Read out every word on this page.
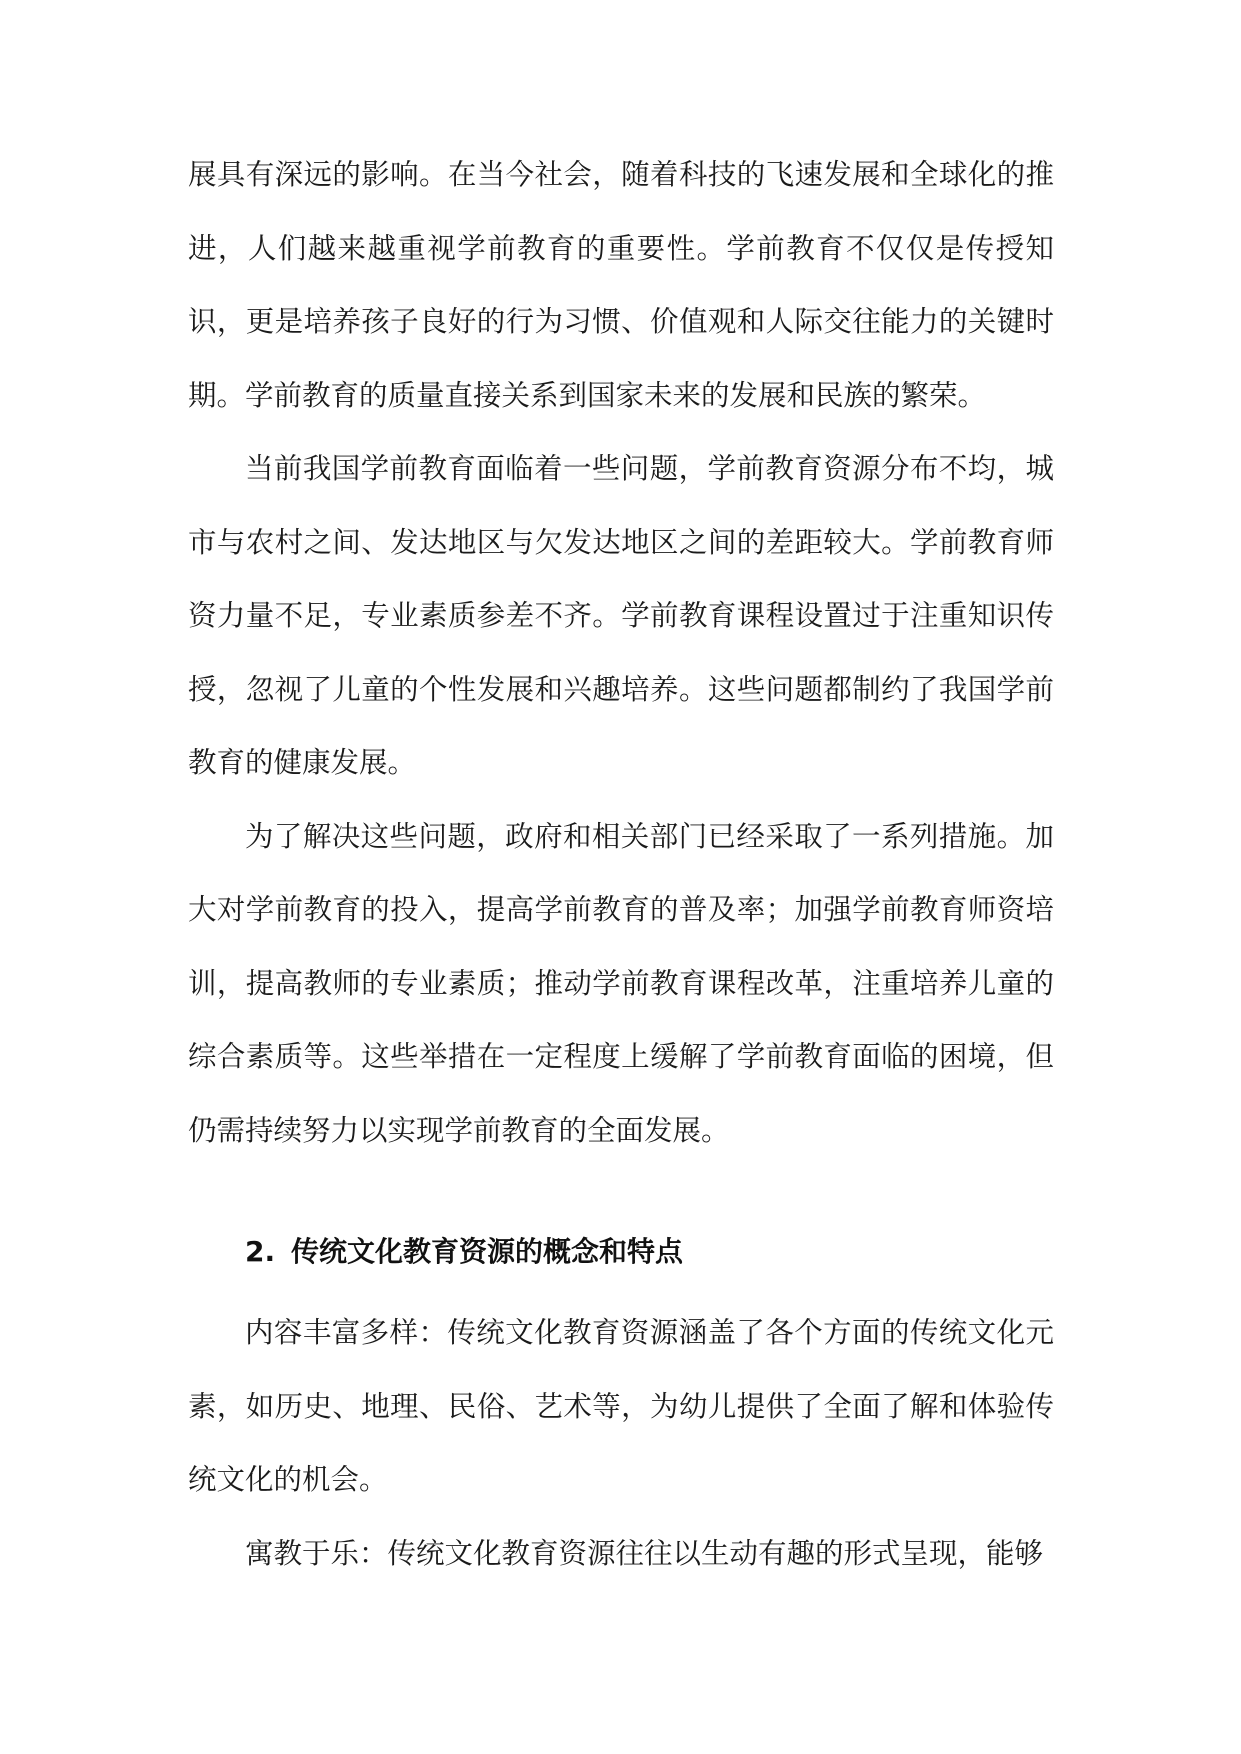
展具有深远的影响。在当今社会，随着科技的飞速发展和全球化的推进，人们越来越重视学前教育的重要性。学前教育不仅仅是传授知识，更是培养孩子良好的行为习惯、价值观和人际交往能力的关键时期。学前教育的质量直接关系到国家未来的发展和民族的繁荣。

当前我国学前教育面临着一些问题，学前教育资源分布不均，城市与农村之间、发达地区与欠发达地区之间的差距较大。学前教育师资力量不足，专业素质参差不齐。学前教育课程设置过于注重知识传授，忽视了儿童的个性发展和兴趣培养。这些问题都制约了我国学前教育的健康发展。

为了解决这些问题，政府和相关部门已经采取了一系列措施。加大对学前教育的投入，提高学前教育的普及率；加强学前教育师资培训，提高教师的专业素质；推动学前教育课程改革，注重培养儿童的综合素质等。这些举措在一定程度上缓解了学前教育面临的困境，但仍需持续努力以实现学前教育的全面发展。

2. 传统文化教育资源的概念和特点

内容丰富多样：传统文化教育资源涵盖了各个方面的传统文化元素，如历史、地理、民俗、艺术等，为幼儿提供了全面了解和体验传统文化的机会。

寓教于乐：传统文化教育资源往往以生动有趣的形式呈现，能够
